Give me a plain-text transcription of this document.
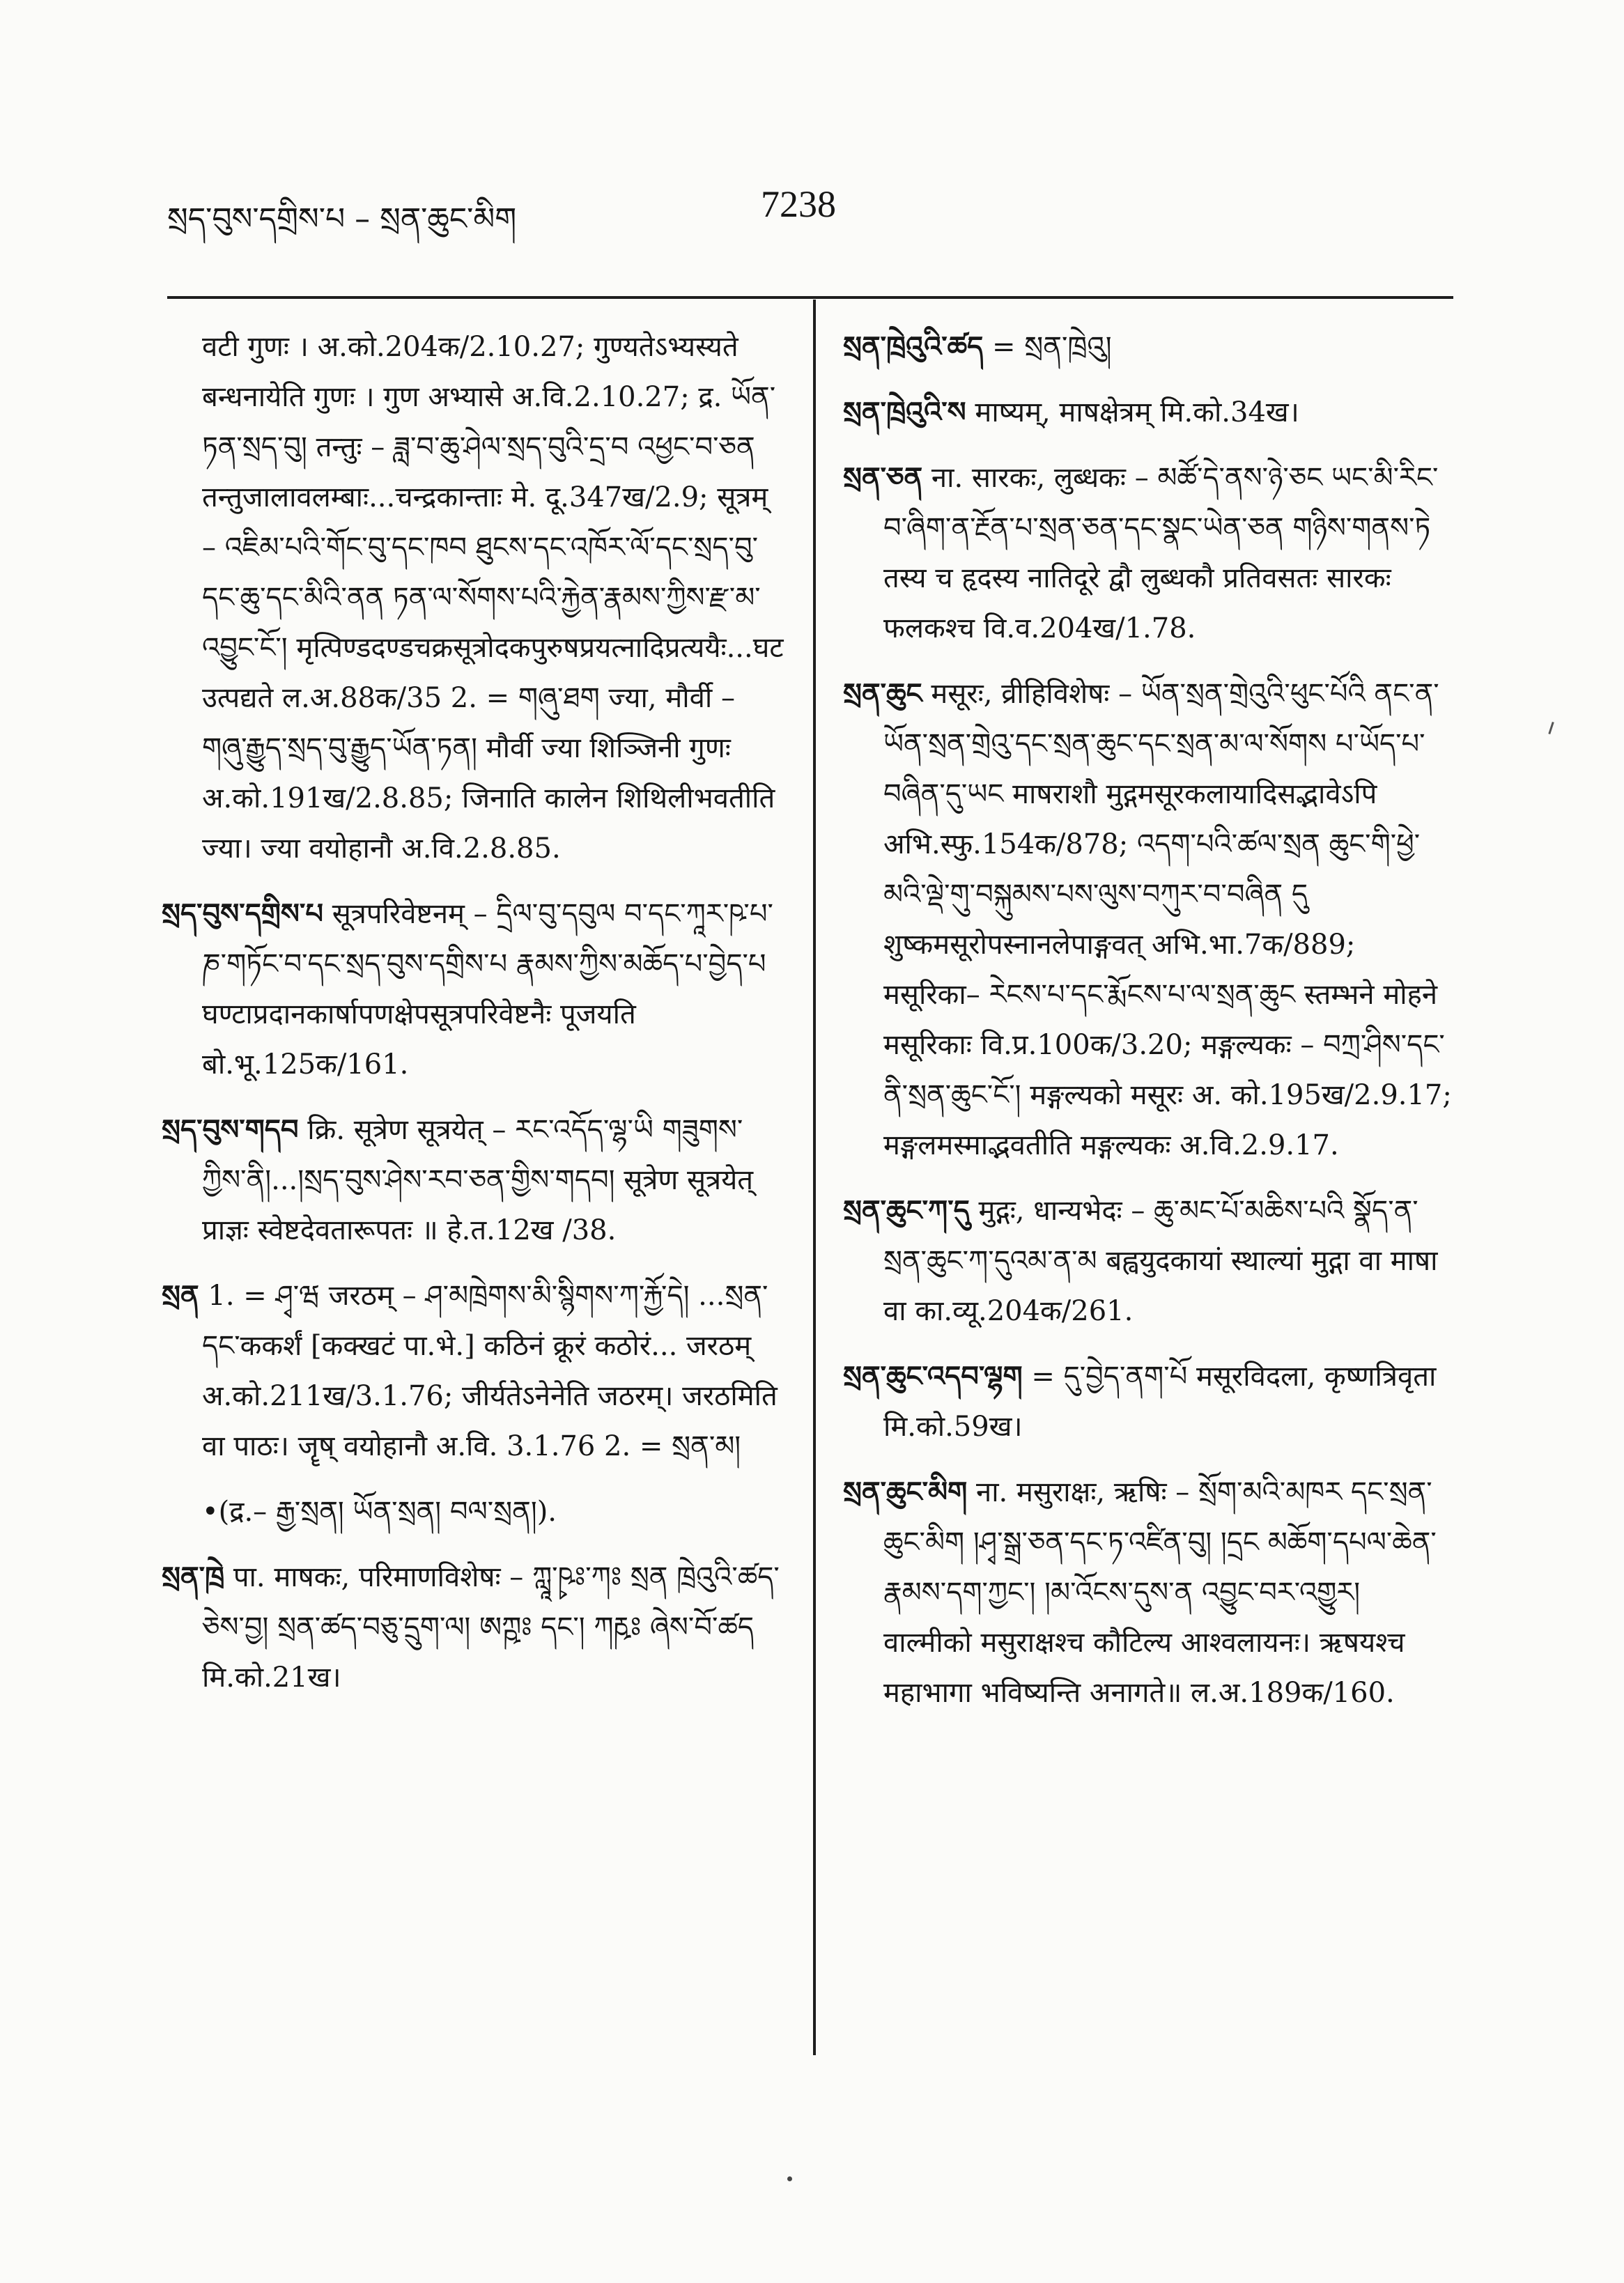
སྲད་བུས་དགྲིས་པ – སྲན་ཆུང་མིག	7238

वटी गुणः । अ.को.204क/2.10.27; गुण्यतेऽभ्यस्यते बन्धनायेति गुणः । गुण अभ्यासे अ.वि.2.10.27; द्र. ཡོན་ཏན་སྲད་བུ། तन्तुः – ཟླ་བ་ཆུ་ཤེལ་སྲད་བུའི་དྲ་བ འཕྱང་བ་ཅན तन्तुजालावलम्बाः...चन्द्रकान्ताः मे. दू.347ख/2.9; सूत्रम् – འཇིམ་པའི་གོང་བུ་དང་ཁབ ཐུངས་དང་འཁོར་ལོ་དང་སྲད་བུ་དང་ཆུ་དང་མིའི་ནན ཏན་ལ་སོགས་པའི་རྐྱེན་རྣམས་ཀྱིས་རྫ་མ་འབྱུང་ངོ༌། मृत्पिण्डदण्डचक्रसूत्रोदकपुरुषप्रयत्नादिप्रत्ययैः...घट उत्पद्यते ल.अ.88क/35 2. = གཞུ་ཐག ज्या, मौर्वी – གཞུ་རྒྱུད་སྲད་བུ་རྒྱུད་ཡོན་ཏན། मौर्वी ज्या शिञ्जिनी गुणः अ.को.191ख/2.8.85; जिनाति कालेन शिथिलीभवतीति ज्या। ज्या वयोहानौ अ.वि.2.8.85.

སྲད་བུས་དགྲིས་པ सूत्रपरिवेष्टनम् – དྲིལ་བུ་དབུལ བ་དང་ཀཱར་ཥ་པ་ཎ་གཏོང་བ་དང་སྲད་བུས་དགྲིས་པ རྣམས་ཀྱིས་མཆོད་པ་བྱེད་པ घण्टाप्रदानकार्षापणक्षेपसूत्रपरिवेष्टनैः पूजयति बो.भू.125क/161.

སྲད་བུས་གདབ क्रि. सूत्रेण सूत्रयेत् – རང་འདོད་ལྷ་ཡི གཟུགས་ཀྱིས་ནི།...།སྲད་བུས་ཤེས་རབ་ཅན་གྱིས་གདབ། सूत्रेण सूत्रयेत् प्राज्ञः स्वेष्टदेवतारूपतः ॥ हे.त.12ख /38.

སྲན 1. = ཤྭ་ཝ जरठम् – ཤ་མཁྲེགས་མི་སྙིགས་ཀ་རྐྱོ་དེ། ...སྲན་དང་ककर्शं [कक्खटं पा.भे.] कठिनं क्रूरं कठोरं... जरठम् अ.को.211ख/3.1.76; जीर्यतेऽनेनेति जठरम्। जरठमिति वा पाठः। जॄष् वयोहानौ अ.वि. 3.1.76 2. = སྲན་མ།

•(द्र.– རྒྱ་སྲན། ཡོན་སྲན། བལ་སྲན།).

སྲན་ཁྲེ पा. माषकः, परिमाणविशेषः – ཀླཱ་ཥྭཿ་ཀཿ སྲན ཁྲེའུའི་ཚད་ཅེས་བྱ། སྲན་ཚད་བཅུ་དྲུག་ལ། ཨཀྵཿ དང་། ཀརྵཿ ཞེས་བོ་ཚད मि.को.21ख।

སྲན་ཁྲེའུའི་ཚད = སྲན་ཁྲེའུ།

སྲན་ཁྲེའུའི་ས माष्यम्, माषक्षेत्रम् मि.को.34ख।

སྲན་ཅན ना. सारकः, लुब्धकः – མཚོ་དེ་ནས་ཉེ་ཅང ཡང་མི་རིང་བ་ཞིག་ན་རྔོན་པ་སྲན་ཅན་དང་སྣང་ཡེན་ཅན གཉིས་གནས་ཏེ तस्य च हृदस्य नातिदूरे द्वौ लुब्धकौ प्रतिवसतः सारकः फलकश्च वि.व.204ख/1.78.

སྲན་ཆུང मसूरः, व्रीहिविशेषः – ཡོན་སྲན་གྲེའུའི་ཕུང་པོའི ནང་ན་ཡོན་སྲན་གྲེའུ་དང་སྲན་ཆུང་དང་སྲན་མ་ལ་སོགས པ་ཡོད་པ་བཞིན་དུ་ཡང माषराशौ मुद्गमसूरकलायादिसद्भावेऽपि अभि.स्फु.154क/878; འདག་པའི་ཚལ་སྲན ཆུང་གི་ཕྱེ་མའི་ལྡེ་གུ་བསྐུམས་པས་ལུས་བཀུར་བ་བཞིན དུ शुष्कमसूरोपस्नानलेपाङ्गवत् अभि.भा.7क/889; मसूरिका– རེངས་པ་དང་རྨོངས་པ་ལ་སྲན་ཆུང स्तम्भने मोहने मसूरिकाः वि.प्र.100क/3.20; मङ्गल्यकः – བཀྲ་ཤིས་དང་ནི་སྲན་ཆུང་ངོ༌། मङ्गल्यको मसूरः अ. को.195ख/2.9.17; मङ्गलमस्माद्भवतीति मङ्गल्यकः अ.वि.2.9.17.

སྲན་ཆུང་ཀ་དུ मुद्गः, धान्यभेदः – ཆུ་མང་པོ་མཆིས་པའི སྣོད་ན་སྲན་ཆུང་ཀ་དུའམ་ན་མ बह्वयुदकायां स्थाल्यां मुद्गा वा माषा वा का.व्यू.204क/261.

སྲན་ཆུང་འདབ་ལྷག = དུ་བྱེད་ནག་པོ मसूरविदला, कृष्णत्रिवृता मि.को.59ख।

སྲན་ཆུང་མིག ना. मसुराक्षः, ऋषिः – སྲོག་མའི་མཁར དང་སྲན་ཆུང་མིག །ཤྭ་སྒྲ་ཅན་དང་ཏ་འཛིན་བུ། །དྲང མཆོག་དཔལ་ཆེན་རྣམས་དག་ཀྱང་། །མ་འོངས་དུས་ན འབྱུང་བར་འགྱུར། वाल्मीको मसुराक्षश्च कौटिल्य आश्वलायनः। ऋषयश्च महाभागा भविष्यन्ति अनागते॥ ल.अ.189क/160.
